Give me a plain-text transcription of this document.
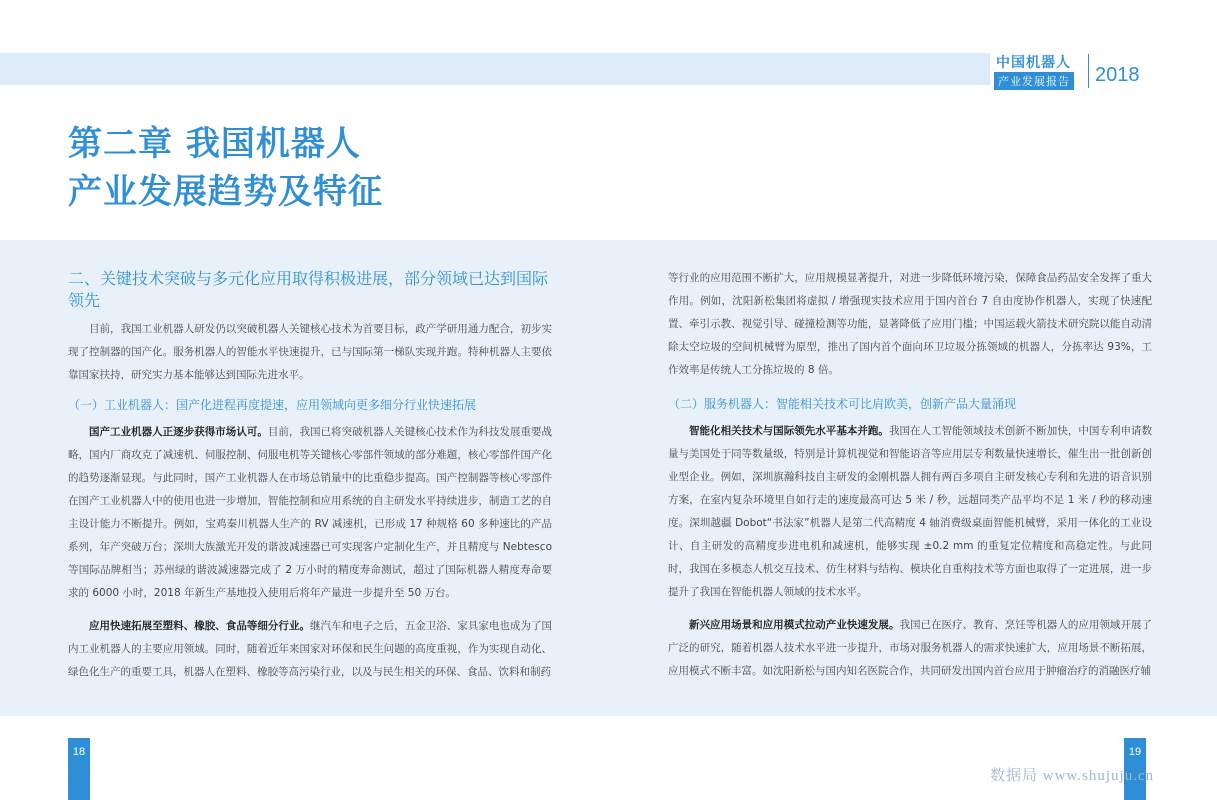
中国机器人
产业发展报告 2018
第二章 我国机器人
产业发展趋势及特征
二、关键技术突破与多元化应用取得积极进展，部分领域已达到国际领先
目前，我国工业机器人研发仍以突破机器人关键核心技术为首要目标，政产学研用通力配合，初步实现了控制器的国产化。服务机器人的智能水平快速提升，已与国际第一梯队实现并跑。特种机器人主要依靠国家扶持，研究实力基本能够达到国际先进水平。
（一）工业机器人：国产化进程再度提速，应用领域向更多细分行业快速拓展
国产工业机器人正逐步获得市场认可。目前，我国已将突破机器人关键核心技术作为科技发展重要战略，国内厂商攻克了减速机、伺服控制、伺服电机等关键核心零部件领域的部分难题，核心零部件国产化的趋势逐渐显现。与此同时，国产工业机器人在市场总销量中的比重稳步提高。国产控制器等核心零部件在国产工业机器人中的使用也进一步增加，智能控制和应用系统的自主研发水平持续进步，制造工艺的自主设计能力不断提升。例如，宝鸡秦川机器人生产的 RV 减速机，已形成 17 种规格 60 多种速比的产品系列，年产突破万台；深圳大族激光开发的谐波减速器已可实现客户定制化生产，并且精度与 Nebtesco 等国际品牌相当；苏州绿的谐波减速器完成了 2 万小时的精度寿命测试，超过了国际机器人精度寿命要求的 6000 小时，2018 年新生产基地投入使用后将年产量进一步提升至 50 万台。
应用快速拓展至塑料、橡胶、食品等细分行业。继汽车和电子之后，五金卫浴、家具家电也成为了国内工业机器人的主要应用领域。同时，随着近年来国家对环保和民生问题的高度重视，作为实现自动化、绿色化生产的重要工具，机器人在塑料、橡胶等高污染行业，以及与民生相关的环保、食品、饮料和制药
等行业的应用范围不断扩大，应用规模显著提升，对进一步降低环境污染，保障食品药品安全发挥了重大作用。例如，沈阳新松集团将虚拟 / 增强现实技术应用于国内首台 7 自由度协作机器人，实现了快速配置、牵引示教、视觉引导、碰撞检测等功能，显著降低了应用门槛；中国运载火箭技术研究院以能自动清除太空垃圾的空间机械臂为原型，推出了国内首个面向环卫垃圾分拣领域的机器人，分拣率达 93%，工作效率是传统人工分拣垃圾的 8 倍。
（二）服务机器人：智能相关技术可比肩欧美，创新产品大量涌现
智能化相关技术与国际领先水平基本并跑。我国在人工智能领域技术创新不断加快，中国专利申请数量与美国处于同等数量级，特别是计算机视觉和智能语音等应用层专利数量快速增长，催生出一批创新创业型企业。例如，深圳旗瀚科技自主研发的金刚机器人拥有两百多项自主研发核心专利和先进的语音识别方案，在室内复杂环境里自如行走的速度最高可达 5 米 / 秒，远超同类产品平均不足 1 米 / 秒的移动速度。深圳越疆 Dobot“书法家”机器人是第二代高精度 4 轴消费级桌面智能机械臂，采用一体化的工业设计、自主研发的高精度步进电机和减速机，能够实现 ±0.2 mm 的重复定位精度和高稳定性。与此同时，我国在多模态人机交互技术、仿生材料与结构、模块化自重构技术等方面也取得了一定进展，进一步提升了我国在智能机器人领域的技术水平。
新兴应用场景和应用模式拉动产业快速发展。我国已在医疗、教育、烹饪等机器人的应用领域开展了广泛的研究，随着机器人技术水平进一步提升，市场对服务机器人的需求快速扩大，应用场景不断拓展，应用模式不断丰富。如沈阳新松与国内知名医院合作，共同研发出国内首台应用于肿瘤治疗的消融医疗辅
18	19
数据局 www.shujuju.cn
